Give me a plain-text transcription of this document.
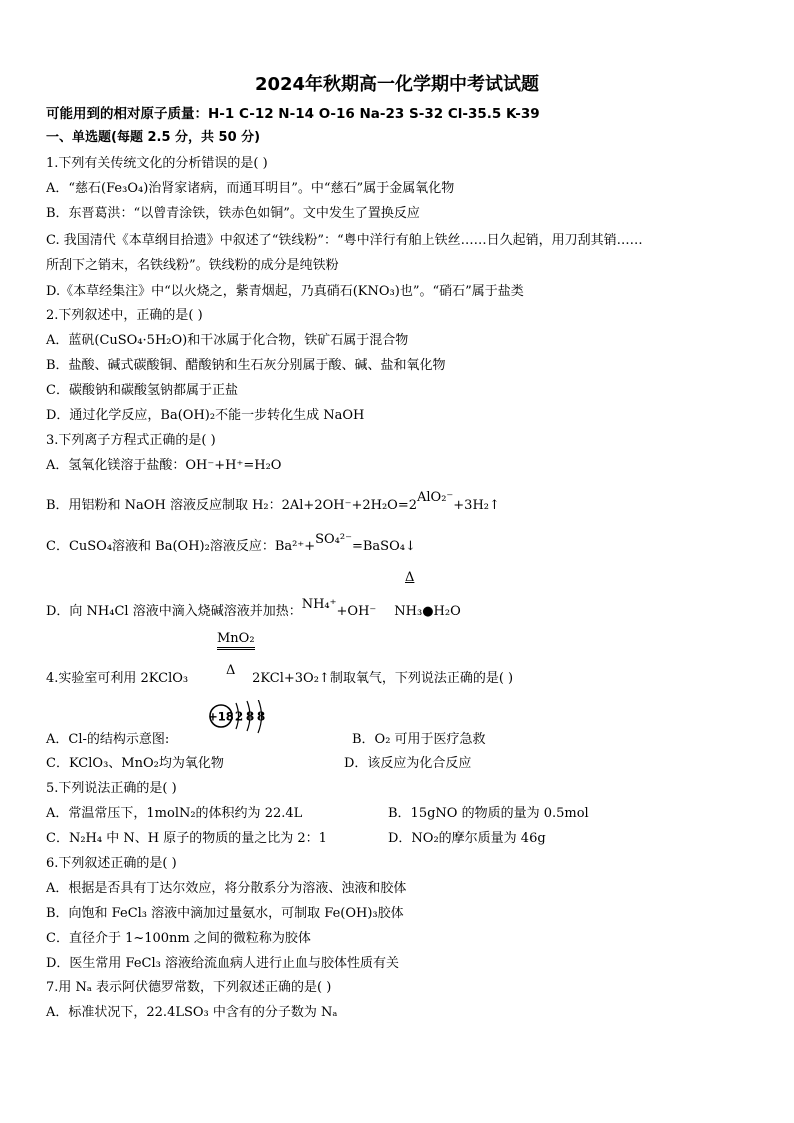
2024年秋期高一化学期中考试试题
可能用到的相对原子质量：H-1 C-12 N-14 O-16 Na-23 S-32 Cl-35.5 K-39
一、单选题(每题 2.5 分，共 50 分)
1.下列有关传统文化的分析错误的是( )
A．“慈石(Fe₃O₄)治肾家诸病，而通耳明目”。中“慈石”属于金属氧化物
B．东晋葛洪：“以曾青涂铁，铁赤色如铜”。文中发生了置换反应
C. 我国清代《本草纲目拾遗》中叙述了“铁线粉”：“粤中洋行有舶上铁丝……日久起销，用刀刮其销……
所刮下之销末，名铁线粉”。铁线粉的成分是纯铁粉
D.《本草经集注》中“以火烧之，紫青烟起，乃真硝石(KNO₃)也”。“硝石”属于盐类
2.下列叙述中，正确的是( )
A．蓝矾(CuSO₄·5H₂O)和干冰属于化合物，铁矿石属于混合物
B．盐酸、碱式碳酸铜、醋酸钠和生石灰分别属于酸、碱、盐和氧化物
C．碳酸钠和碳酸氢钠都属于正盐
D．通过化学反应，Ba(OH)₂不能一步转化生成 NaOH
3.下列离子方程式正确的是( )
A．氢氧化镁溶于盐酸：OH⁻+H⁺=H₂O
B．用铝粉和 NaOH 溶液反应制取 H₂：2Al+2OH⁻+2H₂O=2AlO₂⁻+3H₂↑
C．CuSO₄溶液和 Ba(OH)₂溶液反应：Ba²⁺+SO₄²⁻=BaSO₄↓
Δ
D．向 NH₄Cl 溶液中滴入烧碱溶液并加热：NH₄⁺+OH⁻ NH₃●H₂O
MnO₂
Δ
4.实验室可利用 2KClO₃	2KCl+3O₂↑制取氧气，下列说法正确的是( )
+18 2 8 8
A．Cl-的结构示意图:	B．O₂ 可用于医疗急救
C．KClO₃、MnO₂均为氧化物	D．该反应为化合反应
5.下列说法正确的是( )
A．常温常压下，1molN₂的体积约为 22.4L	B．15gNO 的物质的量为 0.5mol
C．N₂H₄ 中 N、H 原子的物质的量之比为 2：1	D．NO₂的摩尔质量为 46g
6.下列叙述正确的是( )
A．根据是否具有丁达尔效应，将分散系分为溶液、浊液和胶体
B．向饱和 FeCl₃ 溶液中滴加过量氨水，可制取 Fe(OH)₃胶体
C．直径介于 1~100nm 之间的微粒称为胶体
D．医生常用 FeCl₃ 溶液给流血病人进行止血与胶体性质有关
7.用 Nₐ 表示阿伏德罗常数，下列叙述正确的是( )
A．标准状况下，22.4LSO₃ 中含有的分子数为 Nₐ
